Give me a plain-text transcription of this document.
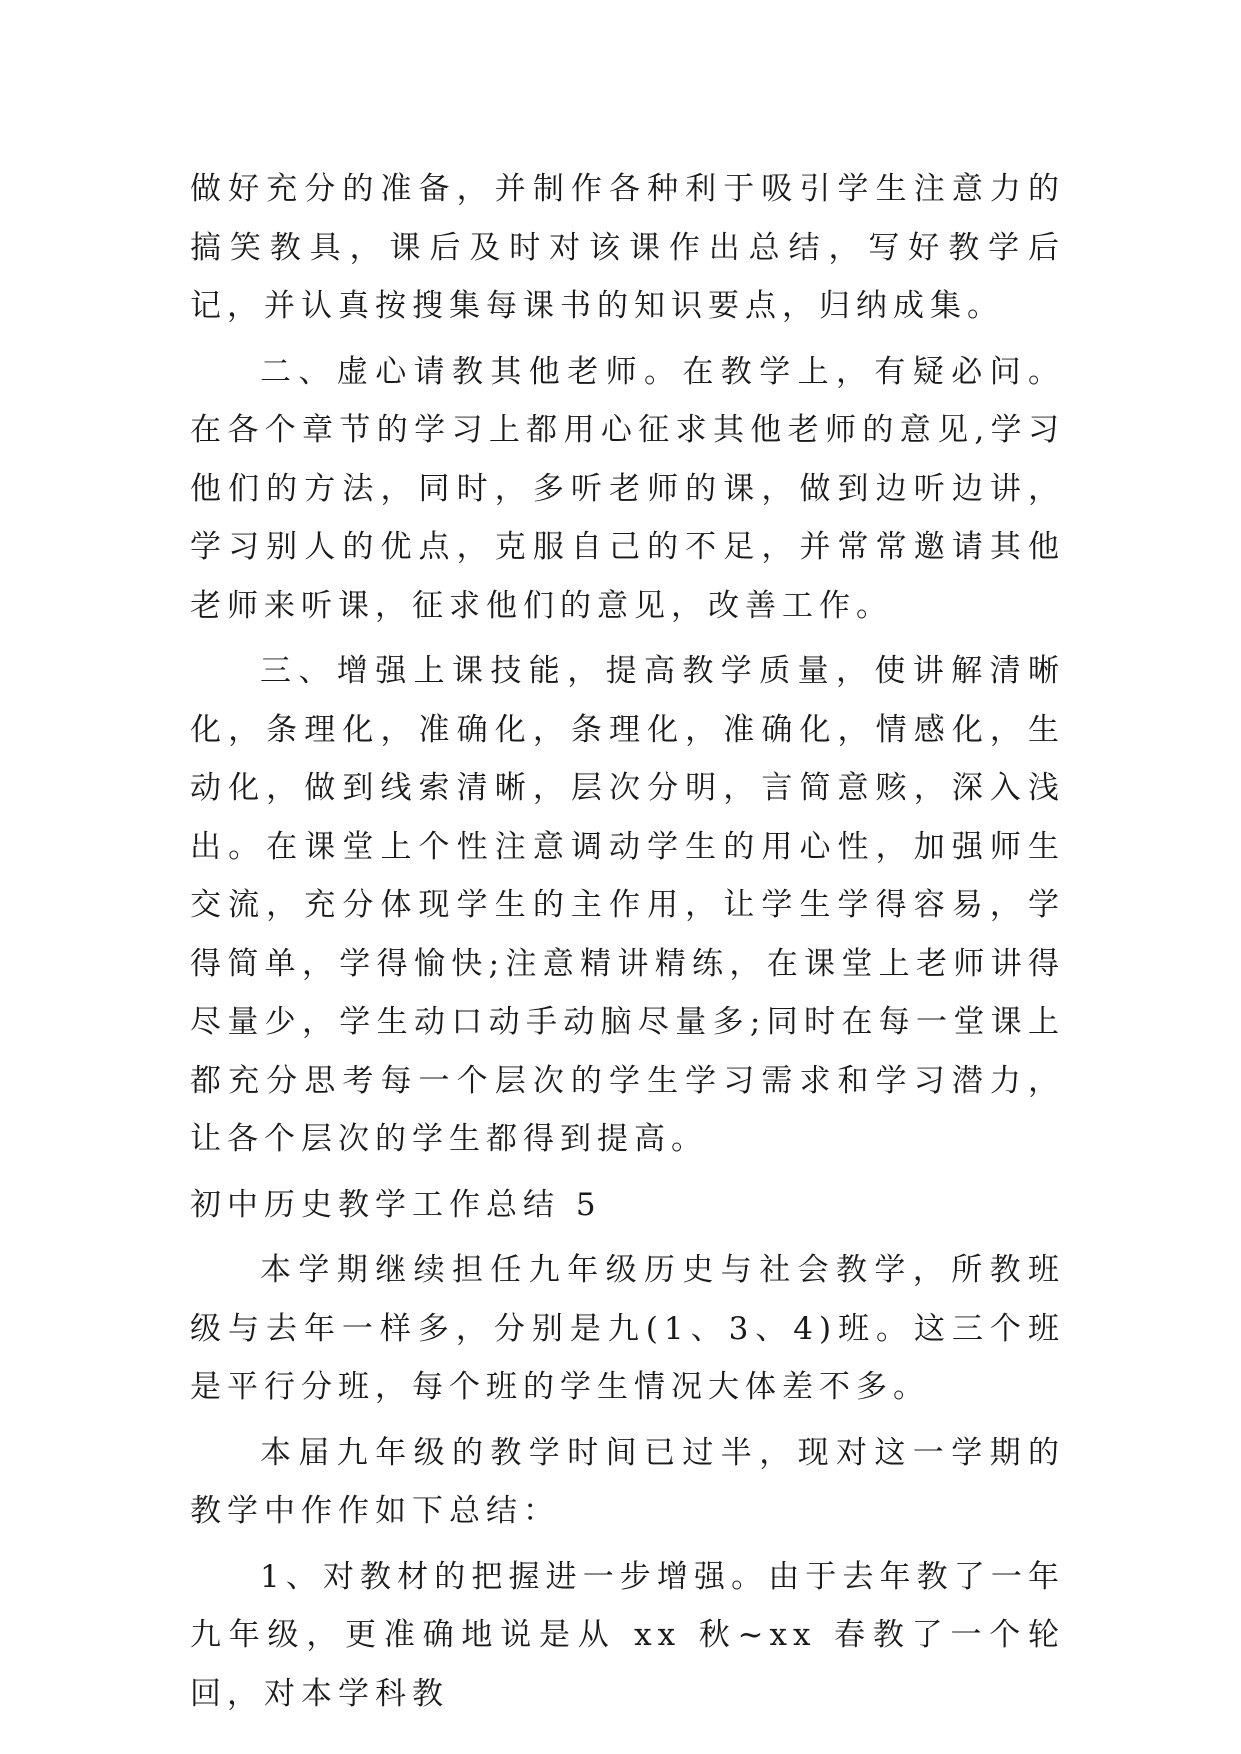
做好充分的准备，并制作各种利于吸引学生注意力的搞笑教具，课后及时对该课作出总结，写好教学后记，并认真按搜集每课书的知识要点，归纳成集。

二、虚心请教其他老师。在教学上，有疑必问。在各个章节的学习上都用心征求其他老师的意见,学习他们的方法，同时，多听老师的课，做到边听边讲，学习别人的优点，克服自己的不足，并常常邀请其他老师来听课，征求他们的意见，改善工作。

三、增强上课技能，提高教学质量，使讲解清晰化，条理化，准确化，条理化，准确化，情感化，生动化，做到线索清晰，层次分明，言简意赅，深入浅出。在课堂上个性注意调动学生的用心性，加强师生交流，充分体现学生的主作用，让学生学得容易，学得简单，学得愉快;注意精讲精练，在课堂上老师讲得尽量少，学生动口动手动脑尽量多;同时在每一堂课上都充分思考每一个层次的学生学习需求和学习潜力，让各个层次的学生都得到提高。

初中历史教学工作总结 5

本学期继续担任九年级历史与社会教学，所教班级与去年一样多，分别是九(1、3、4)班。这三个班是平行分班，每个班的学生情况大体差不多。

本届九年级的教学时间已过半，现对这一学期的教学中作作如下总结：

1、对教材的把握进一步增强。由于去年教了一年九年级，更准确地说是从 xx 秋~xx 春教了一个轮回，对本学科教
